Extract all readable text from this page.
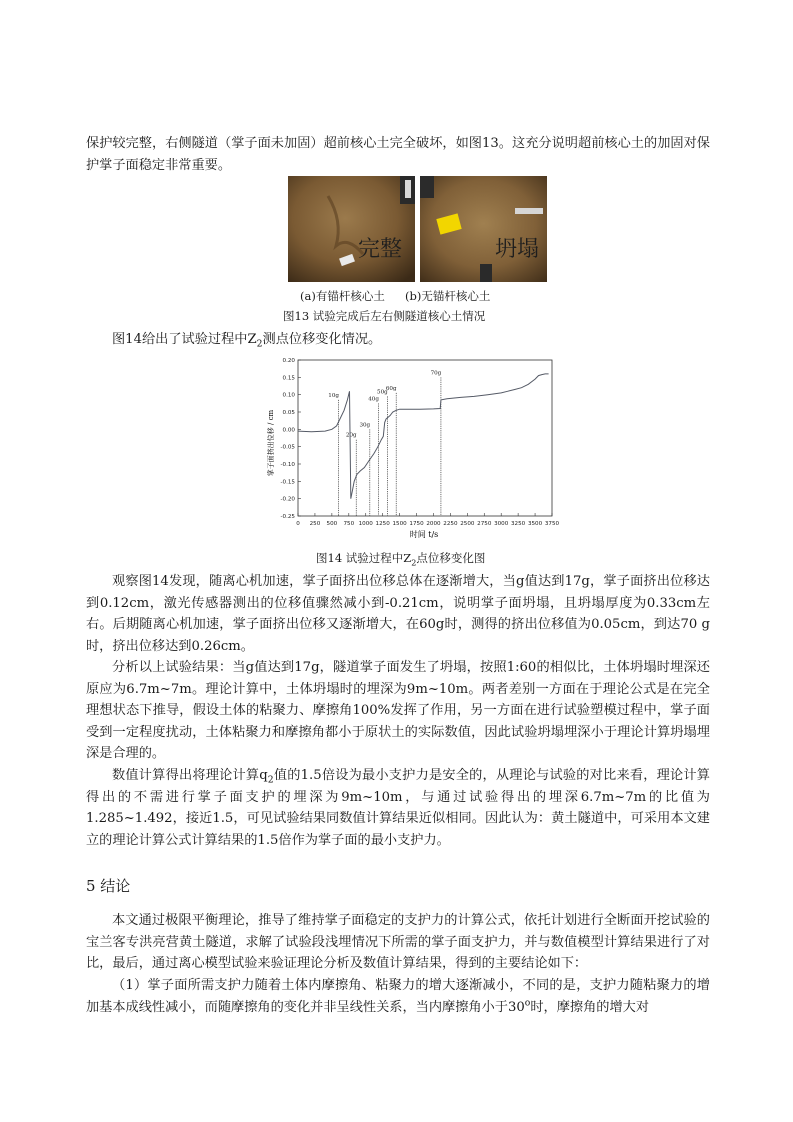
保护较完整，右侧隧道（掌子面未加固）超前核心土完全破坏，如图13。这充分说明超前核心土的加固对保护掌子面稳定非常重要。

完整	坍塌
(a)有锚杆核心土 (b)无锚杆核心土
图13 试验完成后左右侧隧道核心土情况

图14给出了试验过程中$Z_2$测点位移变化情况。

0 250 500 750 1000 1250 1500 1750 2000 2250 2500 2750 3000 3250 3500 3750
-0.25
-0.20
-0.15
-0.10
-0.05
0.00
0.05
0.10
0.15
0.20
10g
20g
30g
40g
50g
60g
70g
时间 t/s
掌子面挤出位移 / cm
图14 试验过程中$Z_2$点位移变化图

观察图14发现，随离心机加速，掌子面挤出位移总体在逐渐增大，当g值达到17g，掌子面挤出位移达到0.12cm，激光传感器测出的位移值骤然减小到-0.21cm，说明掌子面坍塌，且坍塌厚度为0.33cm左右。后期随离心机加速，掌子面挤出位移又逐渐增大，在60g时，测得的挤出位移值为0.05cm，到达70 g时，挤出位移达到0.26cm。

分析以上试验结果：当g值达到17g，隧道掌子面发生了坍塌，按照1:60的相似比，土体坍塌时埋深还原应为6.7m~7m。理论计算中，土体坍塌时的埋深为9m~10m。两者差别一方面在于理论公式是在完全理想状态下推导，假设土体的粘聚力、摩擦角100%发挥了作用，另一方面在进行试验塑模过程中，掌子面受到一定程度扰动，土体粘聚力和摩擦角都小于原状土的实际数值，因此试验坍塌埋深小于理论计算坍塌埋深是合理的。

数值计算得出将理论计算$q_2$值的1.5倍设为最小支护力是安全的，从理论与试验的对比来看，理论计算得出的不需进行掌子面支护的埋深为9m~10m，与通过试验得出的埋深6.7m~7m的比值为1.285~1.492，接近1.5，可见试验结果同数值计算结果近似相同。因此认为：黄土隧道中，可采用本文建立的理论计算公式计算结果的1.5倍作为掌子面的最小支护力。

5 结论

本文通过极限平衡理论，推导了维持掌子面稳定的支护力的计算公式，依托计划进行全断面开挖试验的宝兰客专洪亮营黄土隧道，求解了试验段浅埋情况下所需的掌子面支护力，并与数值模型计算结果进行了对比，最后，通过离心模型试验来验证理论分析及数值计算结果，得到的主要结论如下：

（1）掌子面所需支护力随着土体内摩擦角、粘聚力的增大逐渐减小，不同的是，支护力随粘聚力的增加基本成线性减小，而随摩擦角的变化并非呈线性关系，当内摩擦角小于30$^o$时，摩擦角的增大对
